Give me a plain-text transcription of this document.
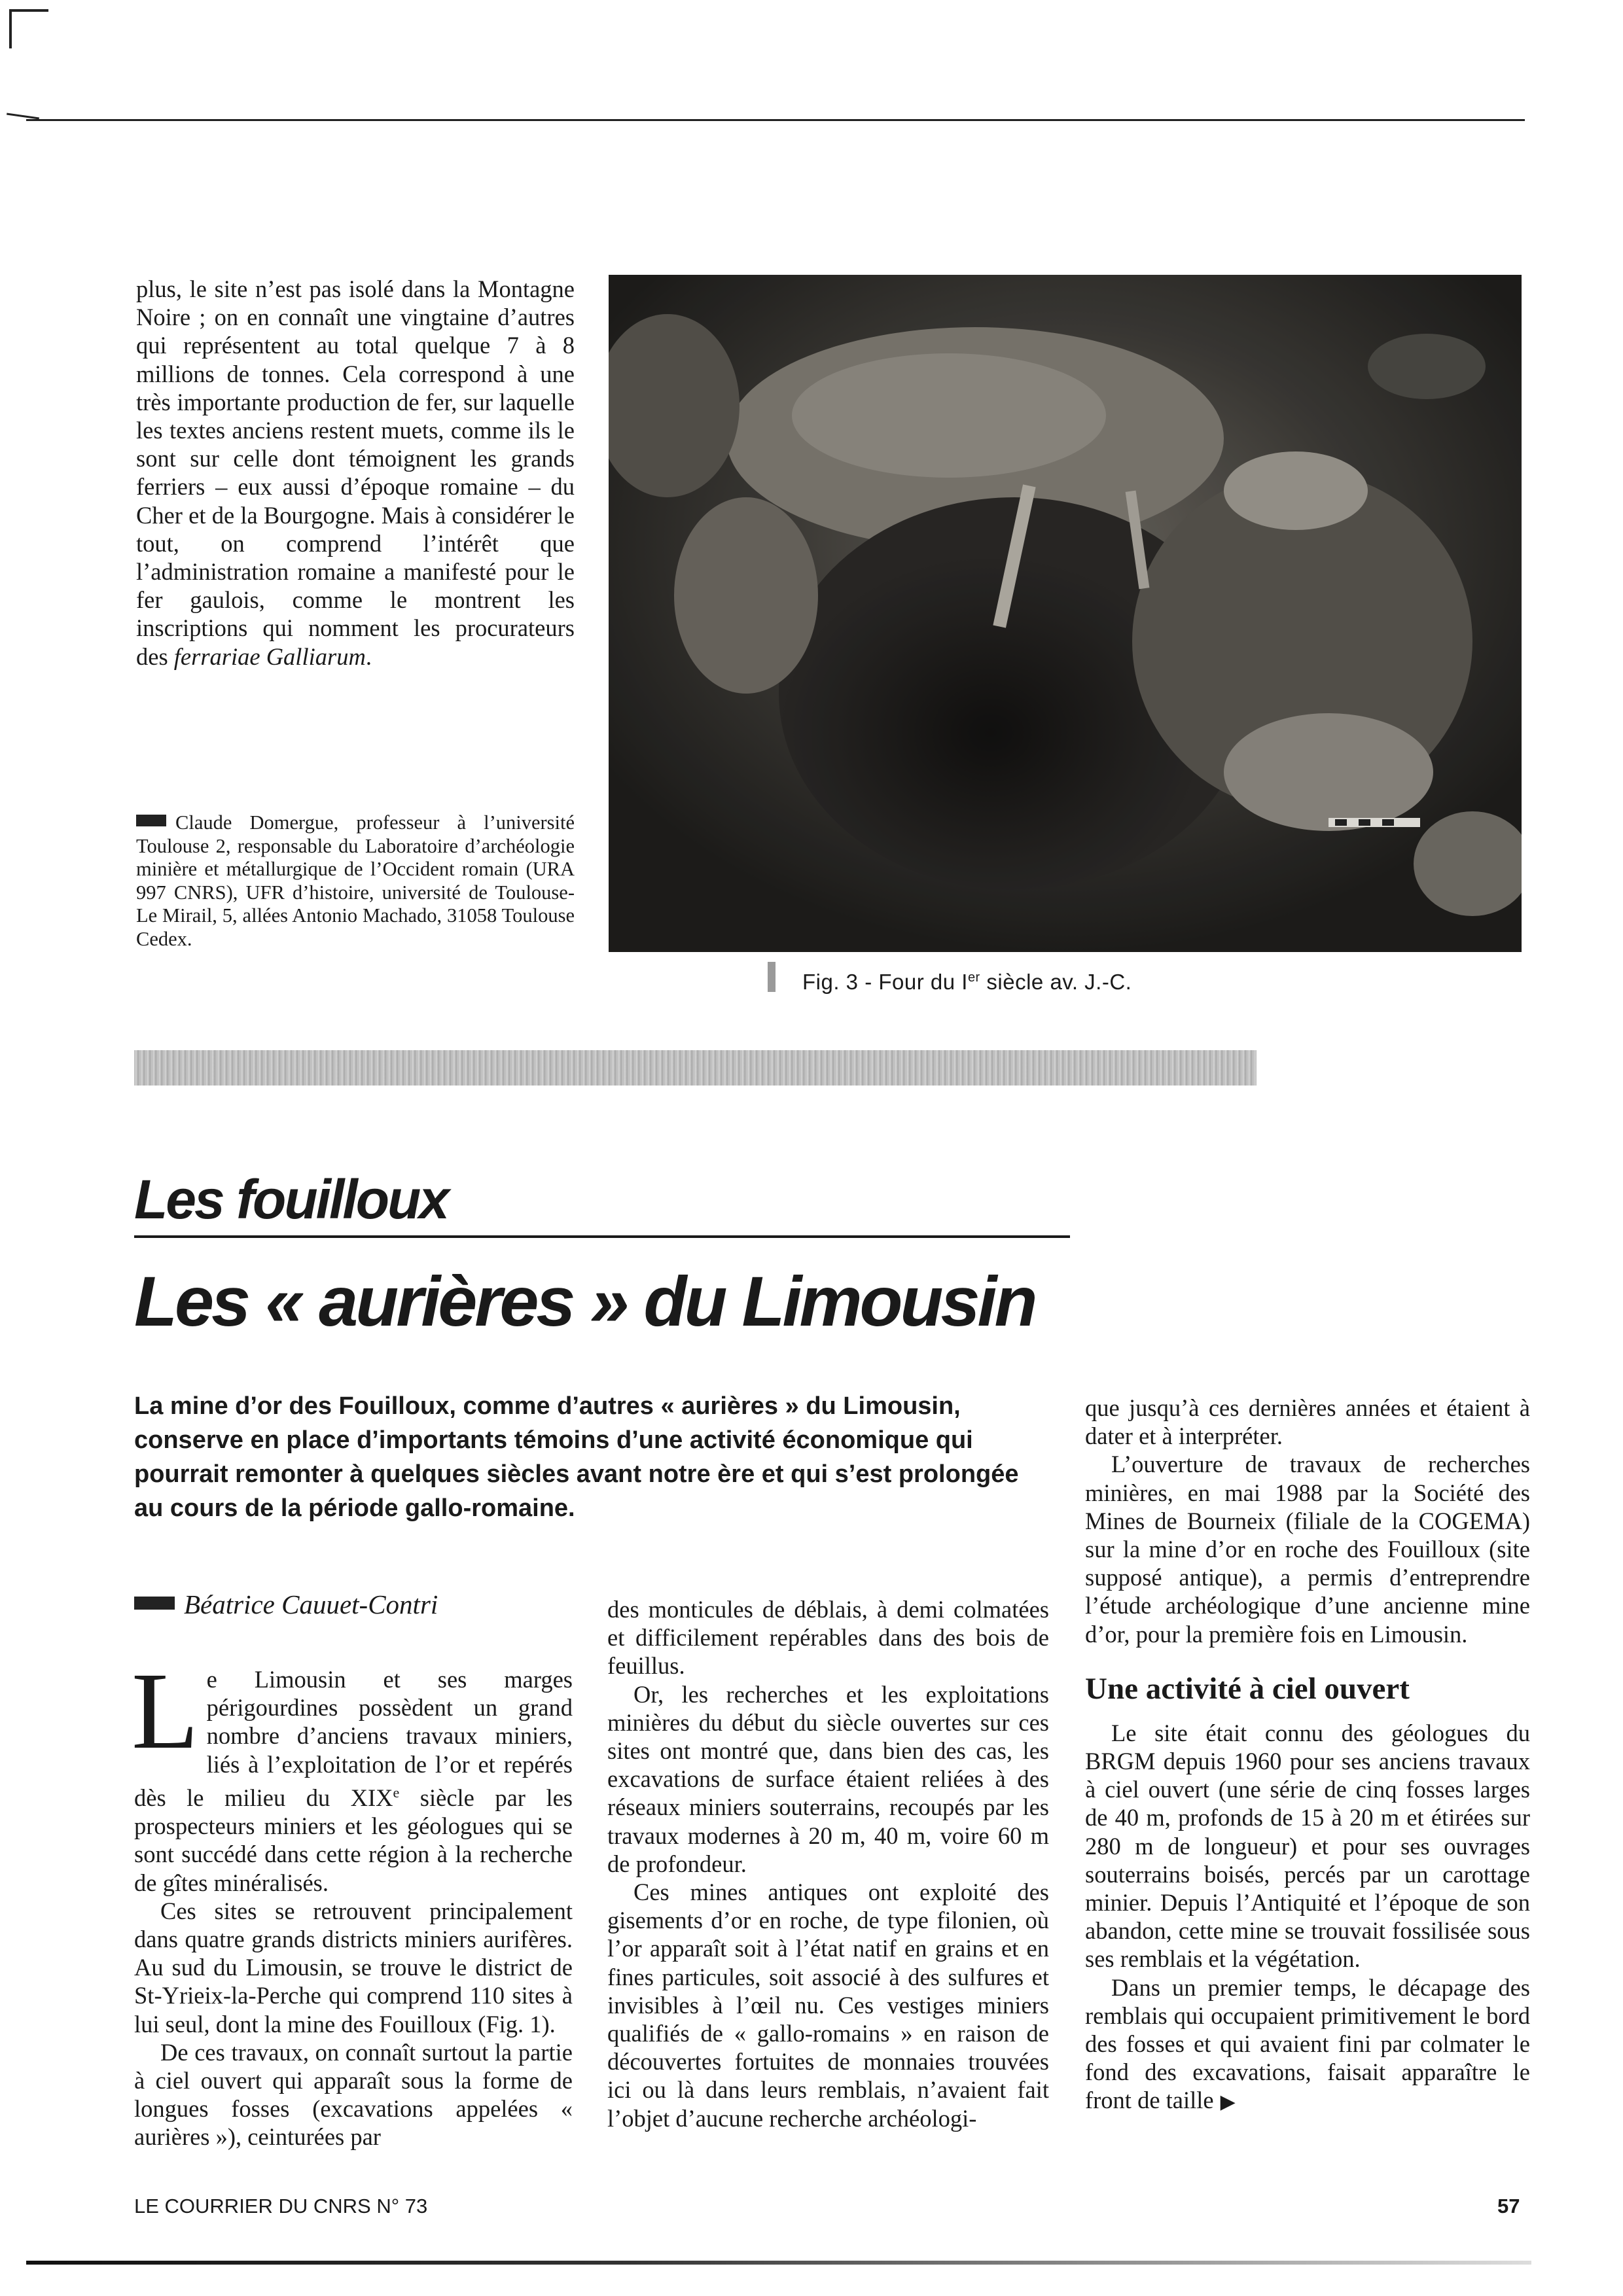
plus, le site n’est pas isolé dans la Montagne Noire ; on en connaît une vingtaine d’autres qui représentent au total quelque 7 à 8 millions de tonnes. Cela correspond à une très importante production de fer, sur laquelle les textes anciens restent muets, comme ils le sont sur celle dont témoignent les grands ferriers – eux aussi d’époque romaine – du Cher et de la Bourgogne. Mais à considérer le tout, on comprend l’intérêt que l’administration romaine a manifesté pour le fer gaulois, comme le montrent les inscriptions qui nomment les procurateurs des ferrariae Galliarum.

Claude Domergue, professeur à l’université Toulouse 2, responsable du Laboratoire d’archéologie minière et métallurgique de l’Occident romain (URA 997 CNRS), UFR d’histoire, université de Toulouse-Le Mirail, 5, allées Antonio Machado, 31058 Toulouse Cedex.
Fig. 3 - Four du Ier siècle av. J.-C.
Les fouilloux
Les « aurières » du Limousin
La mine d’or des Fouilloux, comme d’autres « aurières » du Limousin, conserve en place d’importants témoins d’une activité économique qui pourrait remonter à quelques siècles avant notre ère et qui s’est prolongée au cours de la période gallo-romaine.
Béatrice Cauuet-Contri

Le Limousin et ses marges périgourdines possèdent un grand nombre d’anciens travaux miniers, liés à l’exploitation de l’or et repérés dès le milieu du XIXe siècle par les prospecteurs miniers et les géologues qui se sont succédé dans cette région à la recherche de gîtes minéralisés.

Ces sites se retrouvent principalement dans quatre grands districts miniers aurifères. Au sud du Limousin, se trouve le district de St-Yrieix-la-Perche qui comprend 110 sites à lui seul, dont la mine des Fouilloux (Fig. 1).

De ces travaux, on connaît surtout la partie à ciel ouvert qui apparaît sous la forme de longues fosses (excavations appelées « aurières »), ceinturées par

des monticules de déblais, à demi colmatées et difficilement repérables dans des bois de feuillus.

Or, les recherches et les exploitations minières du début du siècle ouvertes sur ces sites ont montré que, dans bien des cas, les excavations de surface étaient reliées à des réseaux miniers souterrains, recoupés par les travaux modernes à 20 m, 40 m, voire 60 m de profondeur.

Ces mines antiques ont exploité des gisements d’or en roche, de type filonien, où l’or apparaît soit à l’état natif en grains et en fines particules, soit associé à des sulfures et invisibles à l’œil nu. Ces vestiges miniers qualifiés de « gallo-romains » en raison de découvertes fortuites de monnaies trouvées ici ou là dans leurs remblais, n’avaient fait l’objet d’aucune recherche archéologi-

que jusqu’à ces dernières années et étaient à dater et à interpréter.

L’ouverture de travaux de recherches minières, en mai 1988 par la Société des Mines de Bourneix (filiale de la COGEMA) sur la mine d’or en roche des Fouilloux (site supposé antique), a permis d’entreprendre l’étude archéologique d’une ancienne mine d’or, pour la première fois en Limousin.

Une activité à ciel ouvert

Le site était connu des géologues du BRGM depuis 1960 pour ses anciens travaux à ciel ouvert (une série de cinq fosses larges de 40 m, profonds de 15 à 20 m et étirées sur 280 m de longueur) et pour ses ouvrages souterrains boisés, percés par un carottage minier. Depuis l’Antiquité et l’époque de son abandon, cette mine se trouvait fossilisée sous ses remblais et la végétation.

Dans un premier temps, le décapage des remblais qui occupaient primitivement le bord des fosses et qui avaient fini par colmater le fond des excavations, faisait apparaître le front de taille ▶

LE COURRIER DU CNRS N° 73	57
